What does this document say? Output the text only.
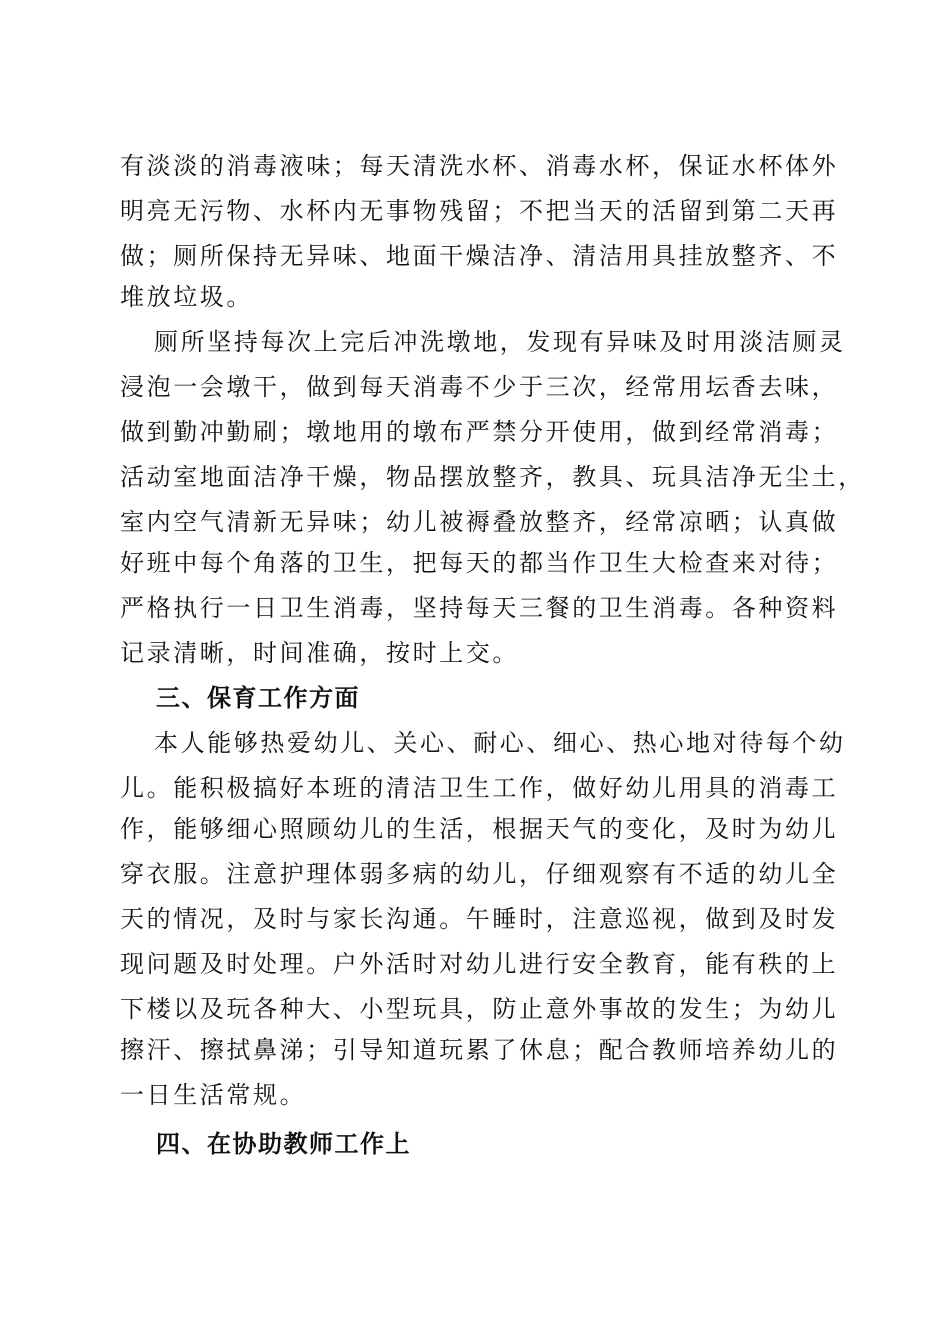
有淡淡的消毒液味；每天清洗水杯、消毒水杯，保证水杯体外
明亮无污物、水杯内无事物残留；不把当天的活留到第二天再
做；厕所保持无异味、地面干燥洁净、清洁用具挂放整齐、不
堆放垃圾。
厕所坚持每次上完后冲洗墩地，发现有异味及时用淡洁厕灵
浸泡一会墩干，做到每天消毒不少于三次，经常用坛香去味，
做到勤冲勤刷；墩地用的墩布严禁分开使用，做到经常消毒；
活动室地面洁净干燥，物品摆放整齐，教具、玩具洁净无尘土，
室内空气清新无异味；幼儿被褥叠放整齐，经常凉晒；认真做
好班中每个角落的卫生，把每天的都当作卫生大检查来对待；
严格执行一日卫生消毒，坚持每天三餐的卫生消毒。各种资料
记录清晰，时间准确，按时上交。
三、保育工作方面
本人能够热爱幼儿、关心、耐心、细心、热心地对待每个幼
儿。能积极搞好本班的清洁卫生工作，做好幼儿用具的消毒工
作，能够细心照顾幼儿的生活，根据天气的变化，及时为幼儿
穿衣服。注意护理体弱多病的幼儿，仔细观察有不适的幼儿全
天的情况，及时与家长沟通。午睡时，注意巡视，做到及时发
现问题及时处理。户外活时对幼儿进行安全教育，能有秩的上
下楼以及玩各种大、小型玩具，防止意外事故的发生；为幼儿
擦汗、擦拭鼻涕；引导知道玩累了休息；配合教师培养幼儿的
一日生活常规。
四、在协助教师工作上
